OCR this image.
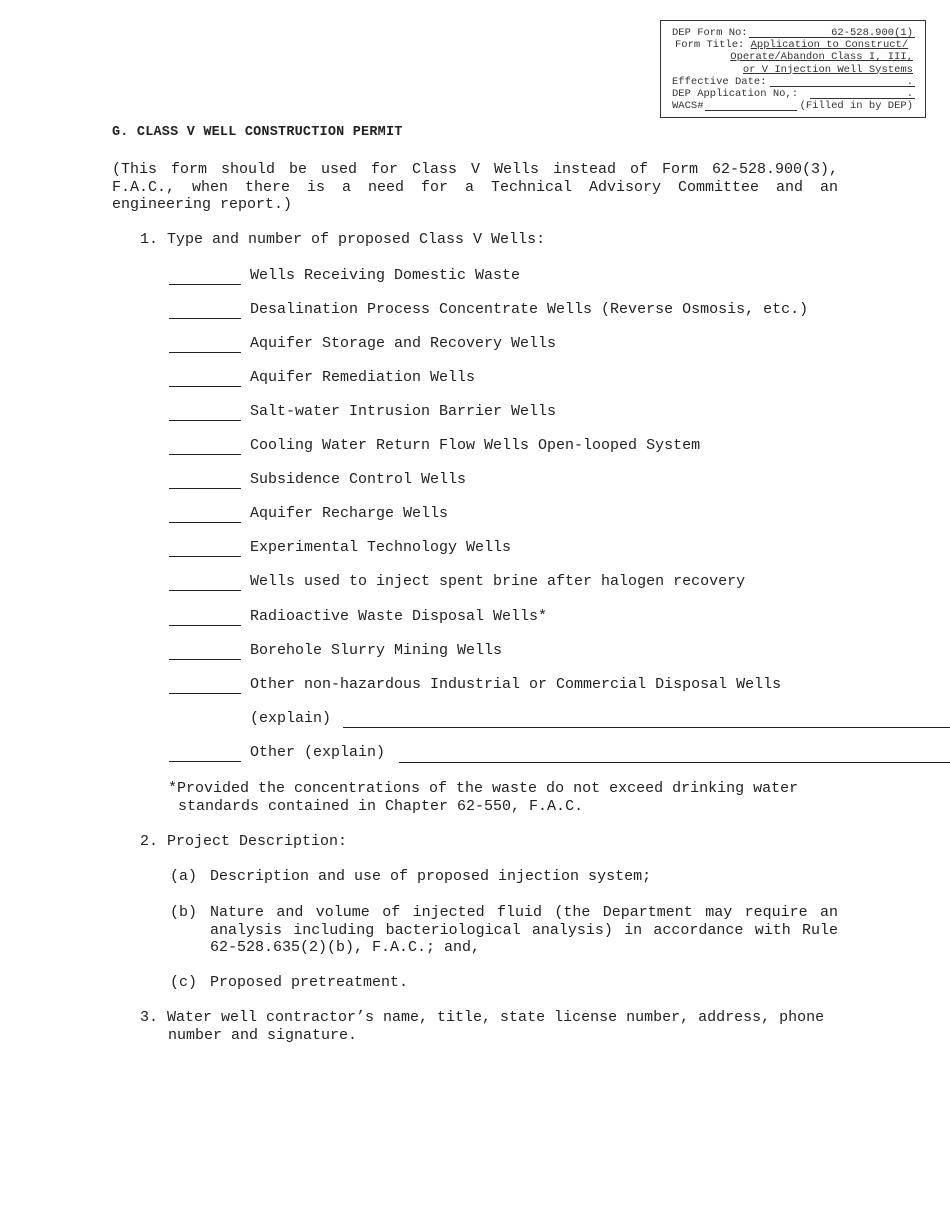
DEP Form No:	62-528.900(1)
Form Title: Application to Construct/
Operate/Abandon Class I, III,
or V Injection Well Systems
Effective Date:	.
DEP Application No,:	.
WACS#	(Filled in by DEP)
G. CLASS V WELL CONSTRUCTION PERMIT
(This form should be used for Class V Wells instead of Form 62-528.900(3), F.A.C., when there is a need for a Technical Advisory Committee and an engineering report.)
1. Type and number of proposed Class V Wells:
Wells Receiving Domestic Waste
Desalination Process Concentrate Wells (Reverse Osmosis, etc.)
Aquifer Storage and Recovery Wells
Aquifer Remediation Wells
Salt-water Intrusion Barrier Wells
Cooling Water Return Flow Wells Open-looped System
Subsidence Control Wells
Aquifer Recharge Wells
Experimental Technology Wells
Wells used to inject spent brine after halogen recovery
Radioactive Waste Disposal Wells*
Borehole Slurry Mining Wells
Other non-hazardous Industrial or Commercial Disposal Wells
(explain)
Other (explain)
*Provided the concentrations of the waste do not exceed drinking water
standards contained in Chapter 62-550, F.A.C.
2. Project Description:
(a) Description and use of proposed injection system;
(b) Nature and volume of injected fluid (the Department may require an analysis including bacteriological analysis) in accordance with Rule 62-528.635(2)(b), F.A.C.; and,
(c) Proposed pretreatment.
3. Water well contractor’s name, title, state license number, address, phone
number and signature.
